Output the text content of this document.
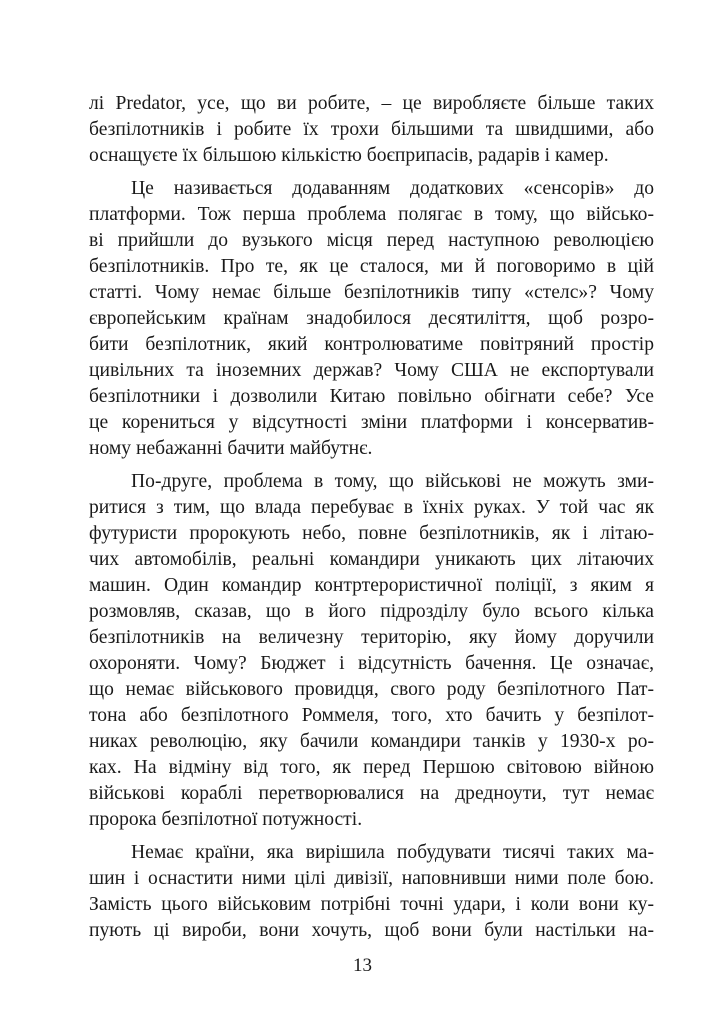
лі Predator, усе, що ви робите, – це виробляєте більше таких
безпілотників і робите їх трохи більшими та швидшими, або
оснащуєте їх більшою кількістю боєприпасів, радарів і камер.
Це називається додаванням додаткових «сенсорів» до
платформи. Тож перша проблема полягає в тому, що військо-
ві прийшли до вузького місця перед наступною революцією
безпілотників. Про те, як це сталося, ми й поговоримо в цій
статті. Чому немає більше безпілотників типу «стелс»? Чому
європейським країнам знадобилося десятиліття, щоб розро-
бити безпілотник, який контролюватиме повітряний простір
цивільних та іноземних держав? Чому США не експортували
безпілотники і дозволили Китаю повільно обігнати себе? Усе
це корениться у відсутності зміни платформи і консерватив-
ному небажанні бачити майбутнє.
По-друге, проблема в тому, що військові не можуть зми-
ритися з тим, що влада перебуває в їхніх руках. У той час як
футуристи пророкують небо, повне безпілотників, як і літаю-
чих автомобілів, реальні командири уникають цих літаючих
машин. Один командир контртерористичної поліції, з яким я
розмовляв, сказав, що в його підрозділу було всього кілька
безпілотників на величезну територію, яку йому доручили
охороняти. Чому? Бюджет і відсутність бачення. Це означає,
що немає військового провидця, свого роду безпілотного Пат-
тона або безпілотного Роммеля, того, хто бачить у безпілот-
никах революцію, яку бачили командири танків у 1930-х ро-
ках. На відміну від того, як перед Першою світовою війною
військові кораблі перетворювалися на дредноути, тут немає
пророка безпілотної потужності.
Немає країни, яка вирішила побудувати тисячі таких ма-
шин і оснастити ними цілі дивізії, наповнивши ними поле бою.
Замість цього військовим потрібні точні удари, і коли вони ку-
пують ці вироби, вони хочуть, щоб вони були настільки на-
13
